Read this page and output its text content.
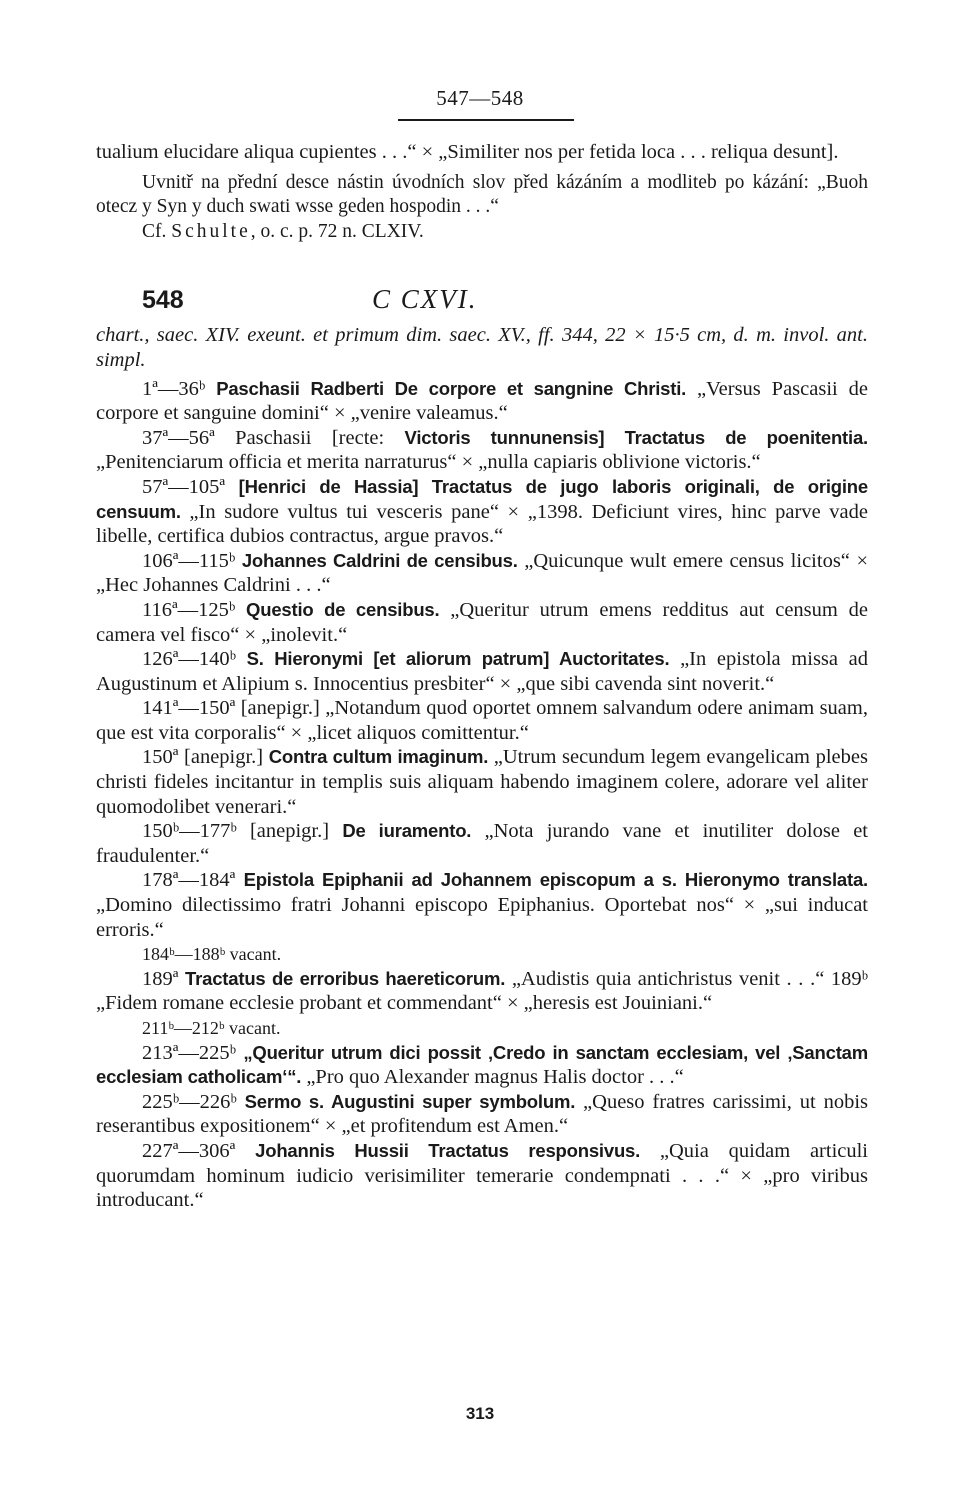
547—548

tualium elucidare aliqua cupientes . . .“ × „Similiter nos per fetida loca . . . reliqua desunt].

Uvnitř na přední desce nástin úvodních slov před kázáním a modliteb po kázání: „Buoh otecz y Syn y duch swati wsse geden hospodin . . .“

Cf. Schulte, o. c. p. 72 n. CLXIV.

548	C CXVI.

chart., saec. XIV. exeunt. et primum dim. saec. XV., ff. 344, 22 × 15·5 cm, d. m. invol. ant. simpl.

1ª—36ᵇ Paschasii Radberti De corpore et sangnine Christi. „Versus Pascasii de corpore et sanguine domini“ × „venire valeamus.“

37ª—56ª Paschasii [recte: Victoris tunnunensis] Tractatus de poenitentia. „Penitenciarum officia et merita narraturus“ × „nulla capiaris oblivione victoris.“

57ª—105ª [Henrici de Hassia] Tractatus de jugo laboris originali, de origine censuum. „In sudore vultus tui vesceris pane“ × „1398. Deficiunt vires, hinc parve vade libelle, certifica dubios contractus, argue pravos.“

106ª—115ᵇ Johannes Caldrini de censibus. „Quicunque wult emere census licitos“ × „Hec Johannes Caldrini . . .“

116ª—125ᵇ Questio de censibus. „Queritur utrum emens redditus aut censum de camera vel fisco“ × „inolevit.“

126ª—140ᵇ S. Hieronymi [et aliorum patrum] Auctoritates. „In epistola missa ad Augustinum et Alipium s. Innocentius presbiter“ × „que sibi cavenda sint noverit.“

141ª—150ª [anepigr.] „Notandum quod oportet omnem salvandum odere animam suam, que est vita corporalis“ × „licet aliquos comittentur.“

150ª [anepigr.] Contra cultum imaginum. „Utrum secundum legem evangelicam plebes christi fideles incitantur in templis suis aliquam habendo imaginem colere, adorare vel aliter quomodolibet venerari.“

150ᵇ—177ᵇ [anepigr.] De iuramento. „Nota jurando vane et inutiliter dolose et fraudulenter.“

178ª—184ª Epistola Epiphanii ad Johannem episcopum a s. Hieronymo translata. „Domino dilectissimo fratri Johanni episcopo Epiphanius. Oportebat nos“ × „sui inducat erroris.“

184ᵇ—188ᵇ vacant.

189ª Tractatus de erroribus haereticorum. „Audistis quia antichristus venit . . .“ 189ᵇ „Fidem romane ecclesie probant et commendant“ × „heresis est Jouiniani.“

211ᵇ—212ᵇ vacant.

213ª—225ᵇ „Queritur utrum dici possit ‚Credo in sanctam ecclesiam, vel ‚Sanctam ecclesiam catholicam‘“. „Pro quo Alexander magnus Halis doctor . . .“

225ᵇ—226ᵇ Sermo s. Augustini super symbolum. „Queso fratres carissimi, ut nobis reserantibus expositionem“ × „et profitendum est Amen.“

227ª—306ª Johannis Hussii Tractatus responsivus. „Quia quidam articuli quorumdam hominum iudicio verisimiliter temerarie condempnati . . .“ × „pro viribus introducant.“

313
